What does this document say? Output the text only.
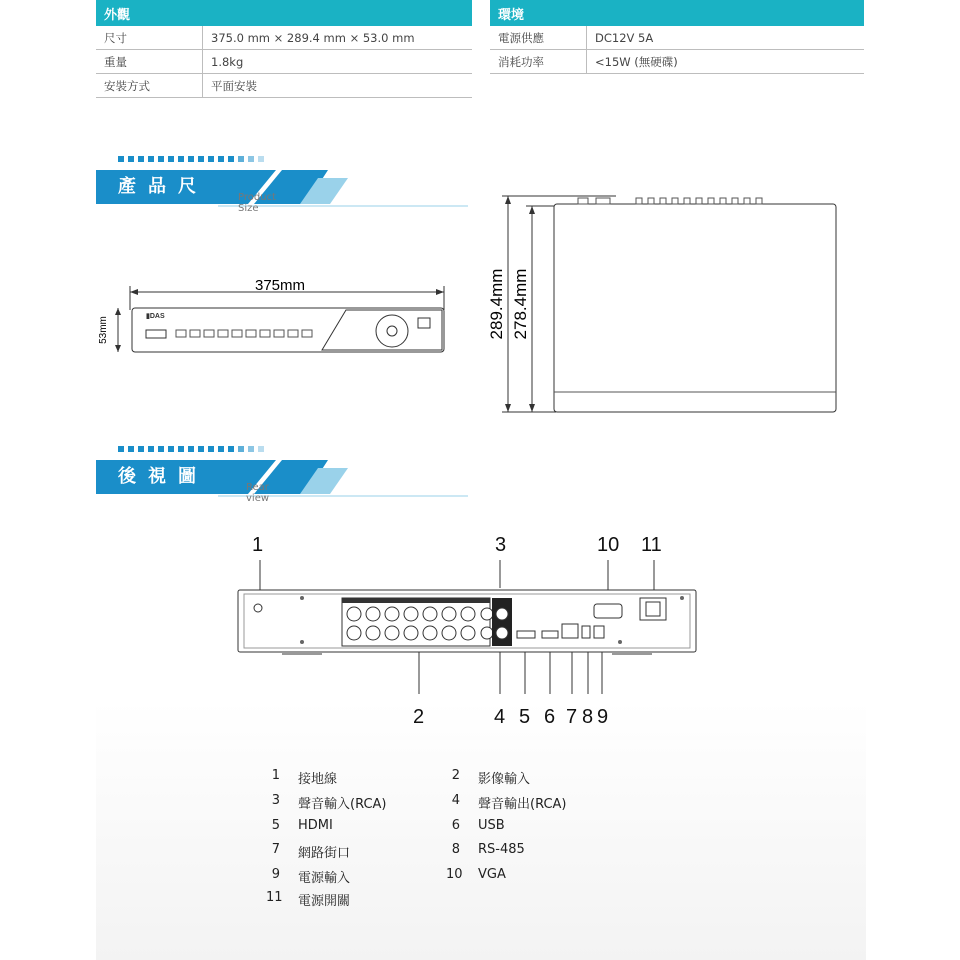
外觀	
尺寸	375.0 mm × 289.4 mm × 53.0 mm
重量	1.8kg
安裝方式	平面安裝
環境	
電源供應	DC12V 5A
消耗功率	<15W (無硬碟)
產品尺寸
Product Size
375mm
53mm	▮DAS	289.4mm 278.4mm
後視圖
Rear view
1	3	10 11
2	4 5 6 7 8 9
1 接地線	2 影像輸入
3 聲音輸入(RCA)	4 聲音輸出(RCA)
5 HDMI	6 USB
7 網路街口	8 RS-485
9 電源輸入	10 VGA
11 電源開關
